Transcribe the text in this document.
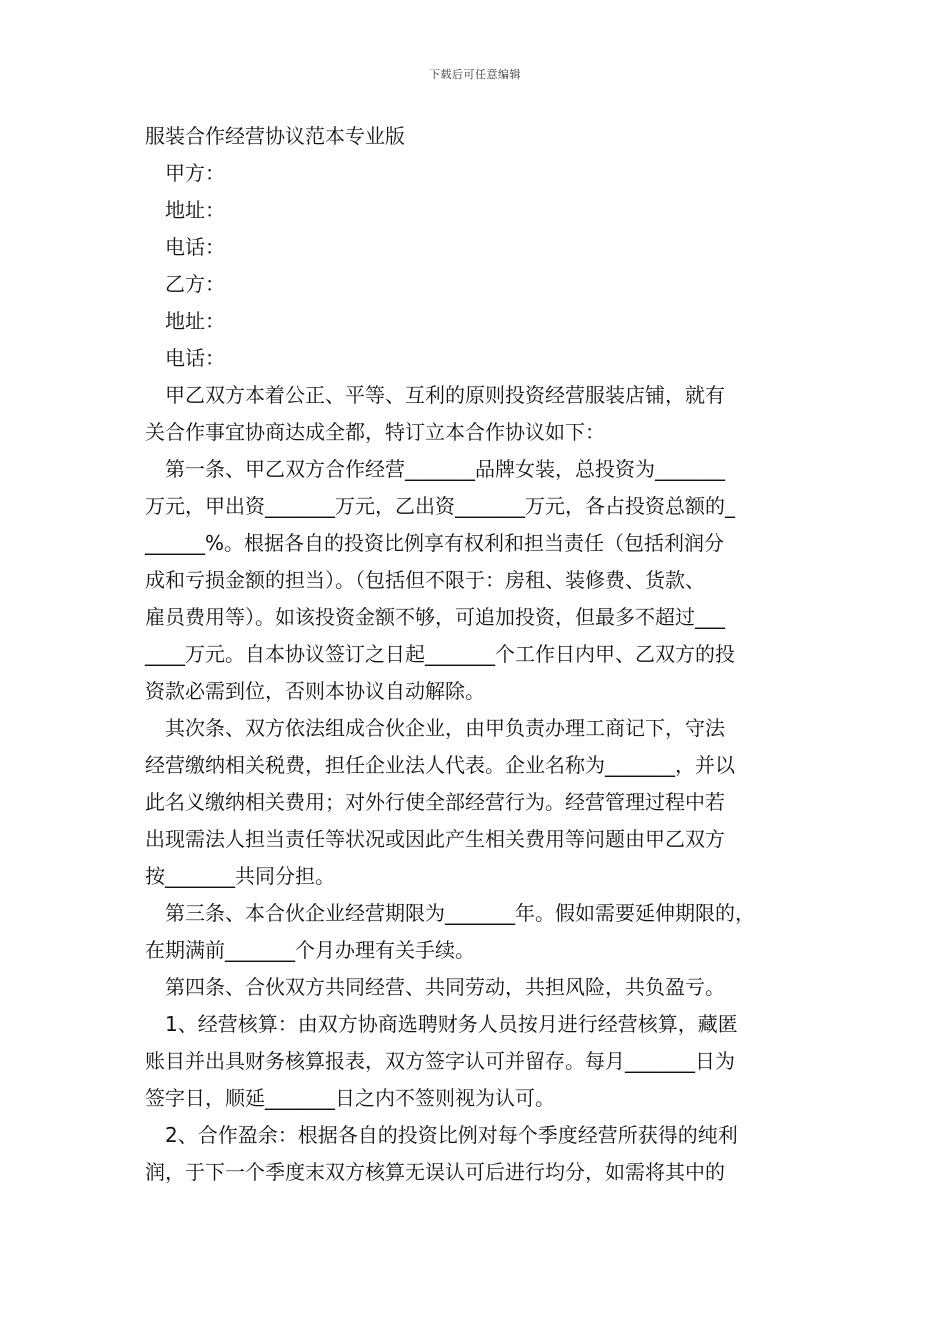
下载后可任意编辑
服装合作经营协议范本专业版
甲方：
地址：
电话：
乙方：
地址：
电话：
甲乙双方本着公正、平等、互利的原则投资经营服装店铺，就有
关合作事宜协商达成全都，特订立本合作协议如下：
第一条、甲乙双方合作经营_______品牌女装，总投资为_______
万元，甲出资_______万元，乙出资_______万元，各占投资总额的_
______%。根据各自的投资比例享有权利和担当责任（包括利润分
成和亏损金额的担当）。（包括但不限于：房租、装修费、货款、
雇员费用等）。如该投资金额不够，可追加投资，但最多不超过___
____万元。自本协议签订之日起_______个工作日内甲、乙双方的投
资款必需到位，否则本协议自动解除。
其次条、双方依法组成合伙企业，由甲负责办理工商记下，守法
经营缴纳相关税费，担任企业法人代表。企业名称为_______，并以
此名义缴纳相关费用；对外行使全部经营行为。经营管理过程中若
出现需法人担当责任等状况或因此产生相关费用等问题由甲乙双方
按_______共同分担。
第三条、本合伙企业经营期限为_______年。假如需要延伸期限的，
在期满前_______个月办理有关手续。
第四条、合伙双方共同经营、共同劳动，共担风险，共负盈亏。
1、经营核算：由双方协商选聘财务人员按月进行经营核算，藏匿
账目并出具财务核算报表，双方签字认可并留存。每月_______日为
签字日，顺延_______日之内不签则视为认可。
2、合作盈余：根据各自的投资比例对每个季度经营所获得的纯利
润，于下一个季度末双方核算无误认可后进行均分，如需将其中的
